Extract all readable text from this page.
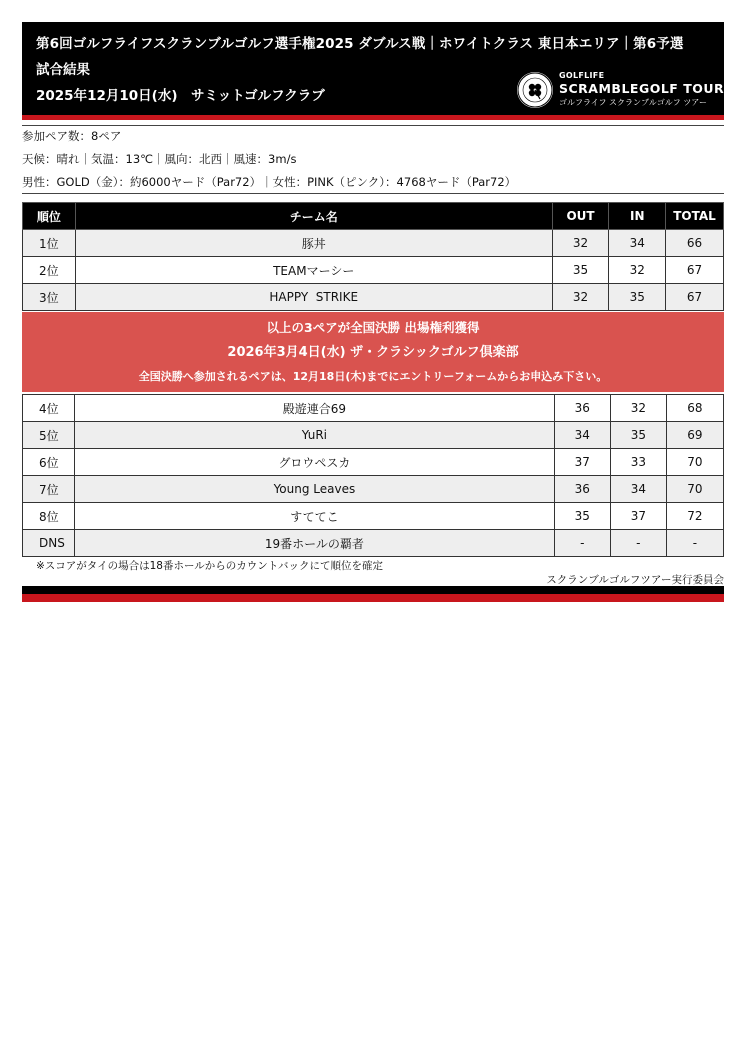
第6回ゴルフライフスクランブルゴルフ選手権2025 ダブルス戦｜ホワイトクラス 東日本エリア｜第6予選
試合結果
2025年12月10日(水)　サミットゴルフクラブ
GOLFLIFE
SCRAMBLEGOLF TOUR
ゴルフライフ スクランブルゴルフ ツアー
参加ペア数：8ペア
天候：晴れ｜気温：13℃｜風向：北西｜風速：3m/s
男性：GOLD（金）：約6000ヤード（Par72）｜女性：PINK（ピンク）：4768ヤード（Par72）
順位	チーム名	OUT	IN	TOTAL
1位	豚丼	32	34	66
2位	TEAMマーシー	35	32	67
3位	HAPPY  STRIKE	32	35	67
以上の3ペアが全国決勝 出場権利獲得
2026年3月4日(水) ザ・クラシックゴルフ倶楽部
全国決勝へ参加されるペアは、12月18日(木)までにエントリーフォームからお申込み下さい。
4位	殿遊連合69	36	32	68
5位	YuRi	34	35	69
6位	グロウペスカ	37	33	70
7位	Young Leaves	36	34	70
8位	すててこ	35	37	72
DNS	19番ホールの覇者	-	-	-
※スコアがタイの場合は18番ホールからのカウントバックにて順位を確定
スクランブルゴルフツアー実行委員会
